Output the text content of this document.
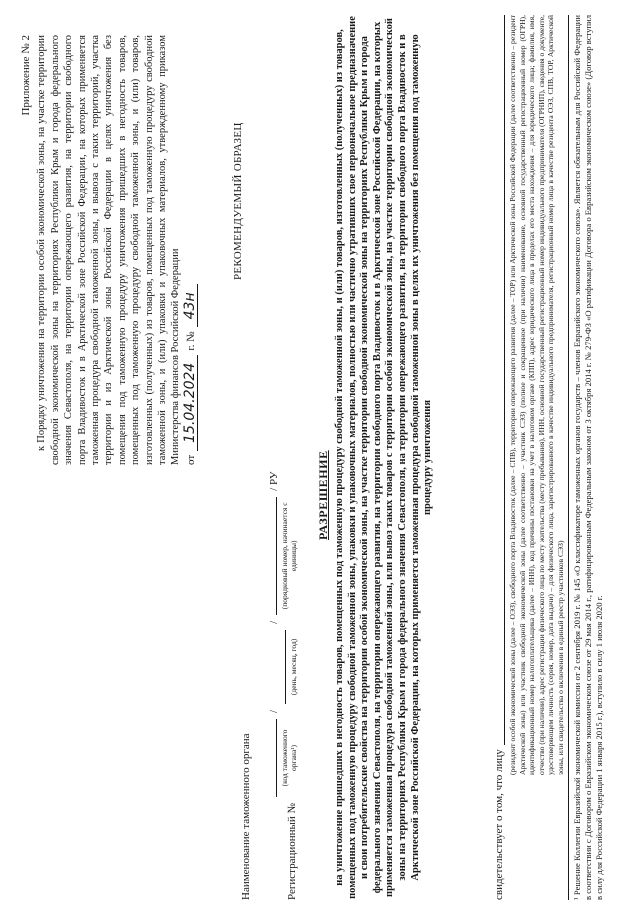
Приложение № 2 к Порядку уничтожения на территории особой экономической зоны, на участке территории свободной экономической зоны на территориях Республики Крым и города федерального значения Севастополя, на территории опережающего развития, на территории свободного порта Владивосток и в Арктической зоне Российской Федерации, на которых применяется таможенная процедура свободной таможенной зоны, и вывоза с таких территорий, участка территории и из Арктической зоны Российской Федерации в целях уничтожения без помещения под таможенную процедуру уничтожения пришедших в негодность товаров, помещенных под таможенную процедуру свободной таможенной зоны, и (или) товаров, изготовленных (полученных) из товаров, помещенных под таможенную процедуру свободной таможенной зоны, и (или) упаковки и упаковочных материалов, утвержденному приказом Министерства финансов Российской Федерации от
15.04.2024
г. №
43н
РЕКОМЕНДУЕМЫЙ ОБРАЗЕЦ
Наименование таможенного органа	Регистрационный №
(код таможенного органа¹)
/
(день, месяц, год)
/
(порядковый номер, начинается с единицы)
/ РУ	РАЗРЕШЕНИЕ на уничтожение пришедших в негодность товаров, помещенных под таможенную процедуру свободной таможенной зоны, и (или) товаров, изготовленных (полученных) из товаров, помещенных под таможенную процедуру свободной таможенной зоны, упаковки и упаковочных материалов, полностью или частично утративших свое первоначальное предназначение и свои потребительские свойства на территории особой экономической зоны, на участке территории свободной экономической зоны на территориях Республики Крым и города федерального значения Севастополя, на территории опережающего развития, на территории свободного порта Владивосток и в Арктической зоне Российской Федерации, на которых применяется таможенная процедура свободной таможенной зоны, или вывоз таких товаров с территории особой экономической зоны, на участке территории свободной экономической зоны на территориях Республики Крым и города федерального значения Севастополя, на территории опережающего развития, на территории свободного порта Владивосток и в Арктической зоне Российской Федерации, на которых применяется таможенная процедура свободной таможенной зоны в целях их уничтожения без помещения под таможенную процедуру уничтожения
свидетельствует о том, что лицу
(резидент особой экономической зоны (далее – ОЭЗ), свободного порта Владивосток (далее – СПВ), территории опережающего развития (далее – ТОР) или Арктической зоны Российской Федерации (далее соответственно – резидент Арктической зоны) или участник свободной экономической зоны (далее соответственно – участник СЭЗ) (полное и сокращенное (при наличии) наименование, основной государственный регистрационный номер (ОГРН), идентификационный номер налогоплательщика (далее – ИНН), код причины постановки на учет в налоговом органе (КПП), адрес юридического лица в пределах его места нахождения – для юридического лица; фамилия, имя, отчество (при наличии), адрес регистрации физического лица по месту жительства (месту пребывания), ИНН, основной государственный регистрационный номер индивидуального предпринимателя (ОГРНИП), сведения о документе, удостоверяющем личность (серия, номер, дата выдачи) – для физического лица, зарегистрированного в качестве индивидуального предпринимателя, регистрационный номер лица в качестве резидента ОЭЗ, СПВ, ТОР, Арктической зоны, или свидетельства о включении в единый реестр участников СЭЗ) ¹ Решение Коллегии Евразийской экономической комиссии от 2 сентября 2019 г. № 145 «О классификаторе таможенных органов государств – членов Евразийского экономического союза». Является обязательным для Российской Федерации в соответствии с Договором о Евразийском экономическом союзе от 29 мая 2014 г., ратифицированным Федеральным законом от 3 октября 2014 г. № 279-ФЗ «О ратификации Договора о Евразийском экономическом союзе» (Договор вступил в силу для Российской Федерации 1 января 2015 г.), вступило в силу 1 июля 2020 г.
